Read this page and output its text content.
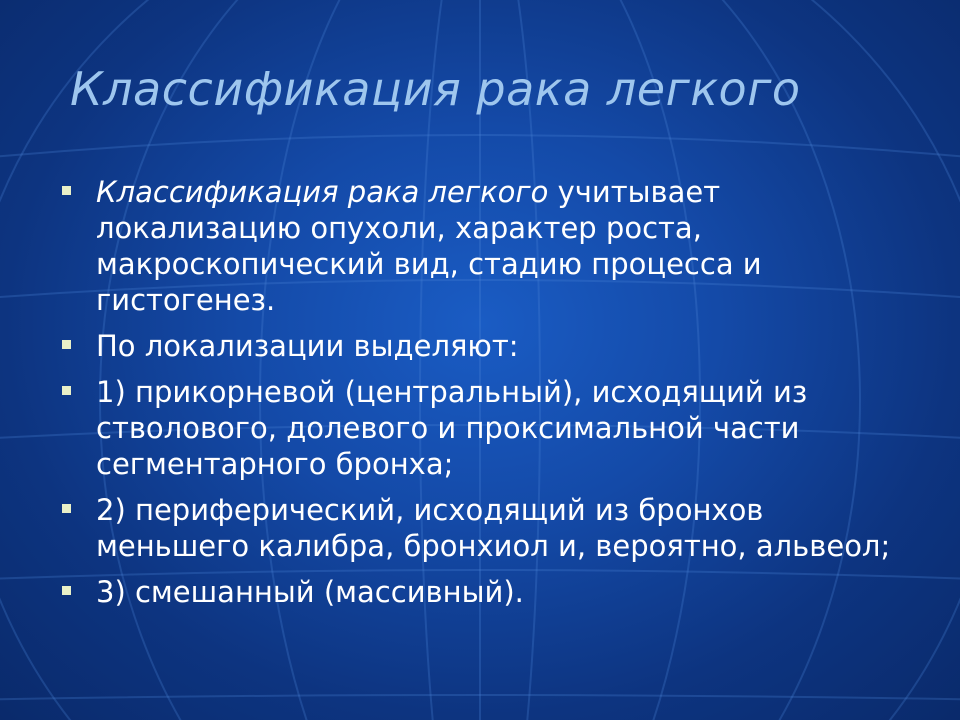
Классификация рака легкого
Классификация рака легкого учитывает локализацию опухоли, характер роста, макроскопический вид, стадию процесса и гистогенез.
По локализации выделяют:
1) прикорневой (центральный), исходящий из стволового, долевого и проксимальной части сегментарного бронха;
2) периферический, исходящий из бронхов меньшего калибра, бронхиол и, вероятно, альвеол;
3) смешанный (массивный).
